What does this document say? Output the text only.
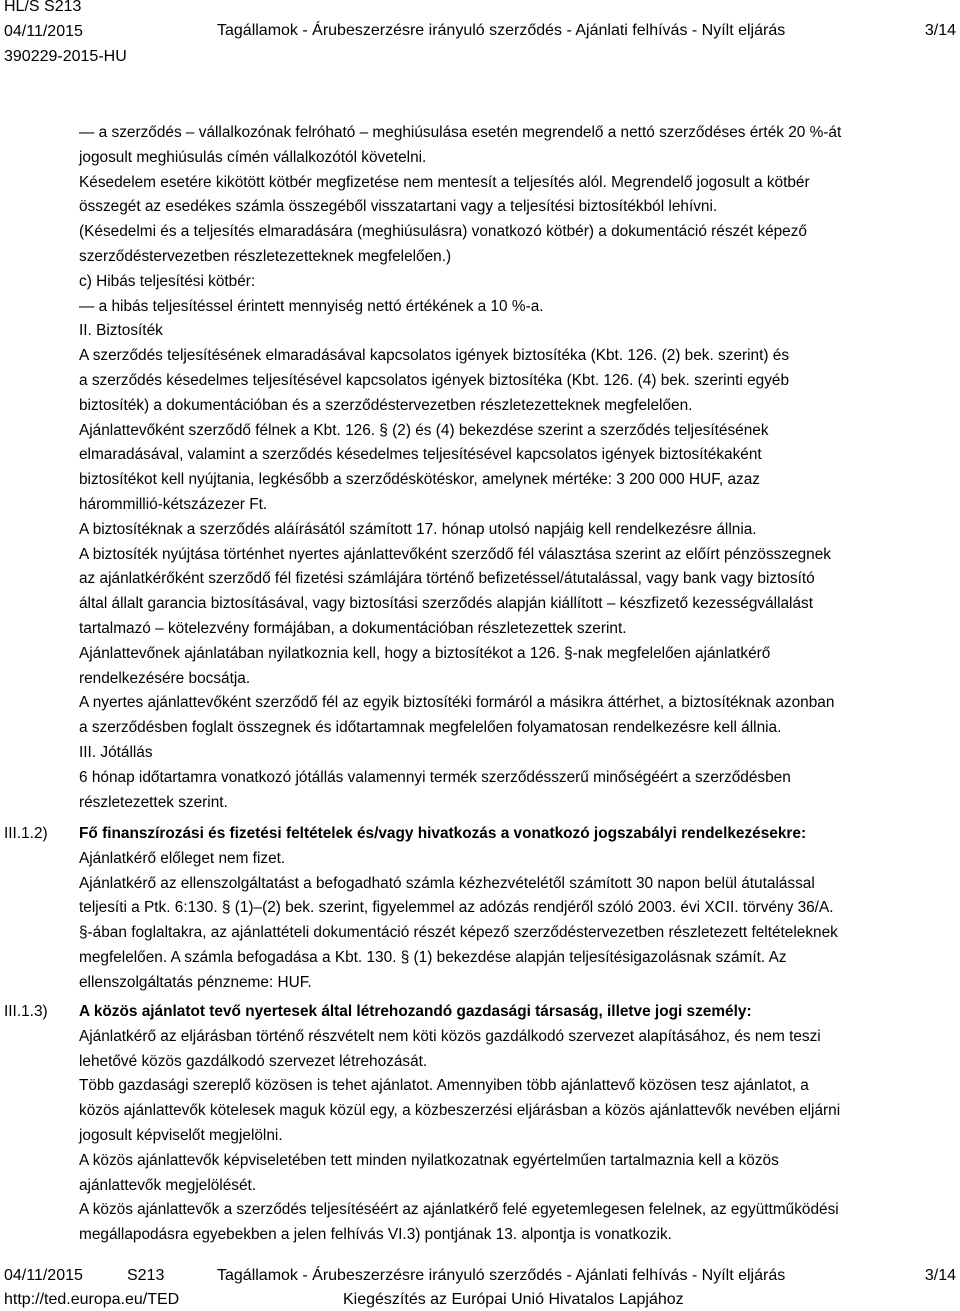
HL/S S213
04/11/2015	Tagállamok - Árubeszerzésre irányuló szerződés - Ajánlati felhívás - Nyílt eljárás	3/14
390229-2015-HU

— a szerződés – vállalkozónak felróható – meghiúsulása esetén megrendelő a nettó szerződéses érték 20 %-át

jogosult meghiúsulás címén vállalkozótól követelni.

Késedelem esetére kikötött kötbér megfizetése nem mentesít a teljesítés alól. Megrendelő jogosult a kötbér

összegét az esedékes számla összegéből visszatartani vagy a teljesítési biztosítékból lehívni.

(Késedelmi és a teljesítés elmaradására (meghiúsulásra) vonatkozó kötbér) a dokumentáció részét képező

szerződéstervezetben részletezetteknek megfelelően.)

c) Hibás teljesítési kötbér:

— a hibás teljesítéssel érintett mennyiség nettó értékének a 10 %-a.

II. Biztosíték

A szerződés teljesítésének elmaradásával kapcsolatos igények biztosítéka (Kbt. 126. (2) bek. szerint) és

a szerződés késedelmes teljesítésével kapcsolatos igények biztosítéka (Kbt. 126. (4) bek. szerinti egyéb

biztosíték) a dokumentációban és a szerződéstervezetben részletezetteknek megfelelően.

Ajánlattevőként szerződő félnek a Kbt. 126. § (2) és (4) bekezdése szerint a szerződés teljesítésének

elmaradásával, valamint a szerződés késedelmes teljesítésével kapcsolatos igények biztosítékaként

biztosítékot kell nyújtania, legkésőbb a szerződéskötéskor, amelynek mértéke: 3 200 000 HUF, azaz

hárommillió-kétszázezer Ft.

A biztosítéknak a szerződés aláírásától számított 17. hónap utolsó napjáig kell rendelkezésre állnia.

A biztosíték nyújtása történhet nyertes ajánlattevőként szerződő fél választása szerint az előírt pénzösszegnek

az ajánlatkérőként szerződő fél fizetési számlájára történő befizetéssel/átutalással, vagy bank vagy biztosító

által állalt garancia biztosításával, vagy biztosítási szerződés alapján kiállított – készfizető kezességvállalást

tartalmazó – kötelezvény formájában, a dokumentációban részletezettek szerint.

Ajánlattevőnek ajánlatában nyilatkoznia kell, hogy a biztosítékot a 126. §-nak megfelelően ajánlatkérő

rendelkezésére bocsátja.

A nyertes ajánlattevőként szerződő fél az egyik biztosítéki formáról a másikra áttérhet, a biztosítéknak azonban

a szerződésben foglalt összegnek és időtartamnak megfelelően folyamatosan rendelkezésre kell állnia.

III. Jótállás

6 hónap időtartamra vonatkozó jótállás valamennyi termék szerződésszerű minőségéért a szerződésben

részletezettek szerint.

III.1.2) Fő finanszírozási és fizetési feltételek és/vagy hivatkozás a vonatkozó jogszabályi rendelkezésekre:

Ajánlatkérő előleget nem fizet.

Ajánlatkérő az ellenszolgáltatást a befogadható számla kézhezvételétől számított 30 napon belül átutalással

teljesíti a Ptk. 6:130. § (1)–(2) bek. szerint, figyelemmel az adózás rendjéről szóló 2003. évi XCII. törvény 36/A.

§-ában foglaltakra, az ajánlattételi dokumentáció részét képező szerződéstervezetben részletezett feltételeknek

megfelelően. A számla befogadása a Kbt. 130. § (1) bekezdése alapján teljesítésigazolásnak számít. Az

ellenszolgáltatás pénzneme: HUF.

III.1.3) A közös ajánlatot tevő nyertesek által létrehozandó gazdasági társaság, illetve jogi személy:

Ajánlatkérő az eljárásban történő részvételt nem köti közös gazdálkodó szervezet alapításához, és nem teszi

lehetővé közös gazdálkodó szervezet létrehozását.

Több gazdasági szereplő közösen is tehet ajánlatot. Amennyiben több ajánlattevő közösen tesz ajánlatot, a

közös ajánlattevők kötelesek maguk közül egy, a közbeszerzési eljárásban a közös ajánlattevők nevében eljárni

jogosult képviselőt megjelölni.

A közös ajánlattevők képviseletében tett minden nyilatkozatnak egyértelműen tartalmaznia kell a közös

ajánlattevők megjelölését.

A közös ajánlattevők a szerződés teljesítéséért az ajánlatkérő felé egyetemlegesen felelnek, az együttműködési

megállapodásra egyebekben a jelen felhívás VI.3) pontjának 13. alpontja is vonatkozik.

04/11/2015	S213	Tagállamok - Árubeszerzésre irányuló szerződés - Ajánlati felhívás - Nyílt eljárás	3/14
http://ted.europa.eu/TED	Kiegészítés az Európai Unió Hivatalos Lapjához
